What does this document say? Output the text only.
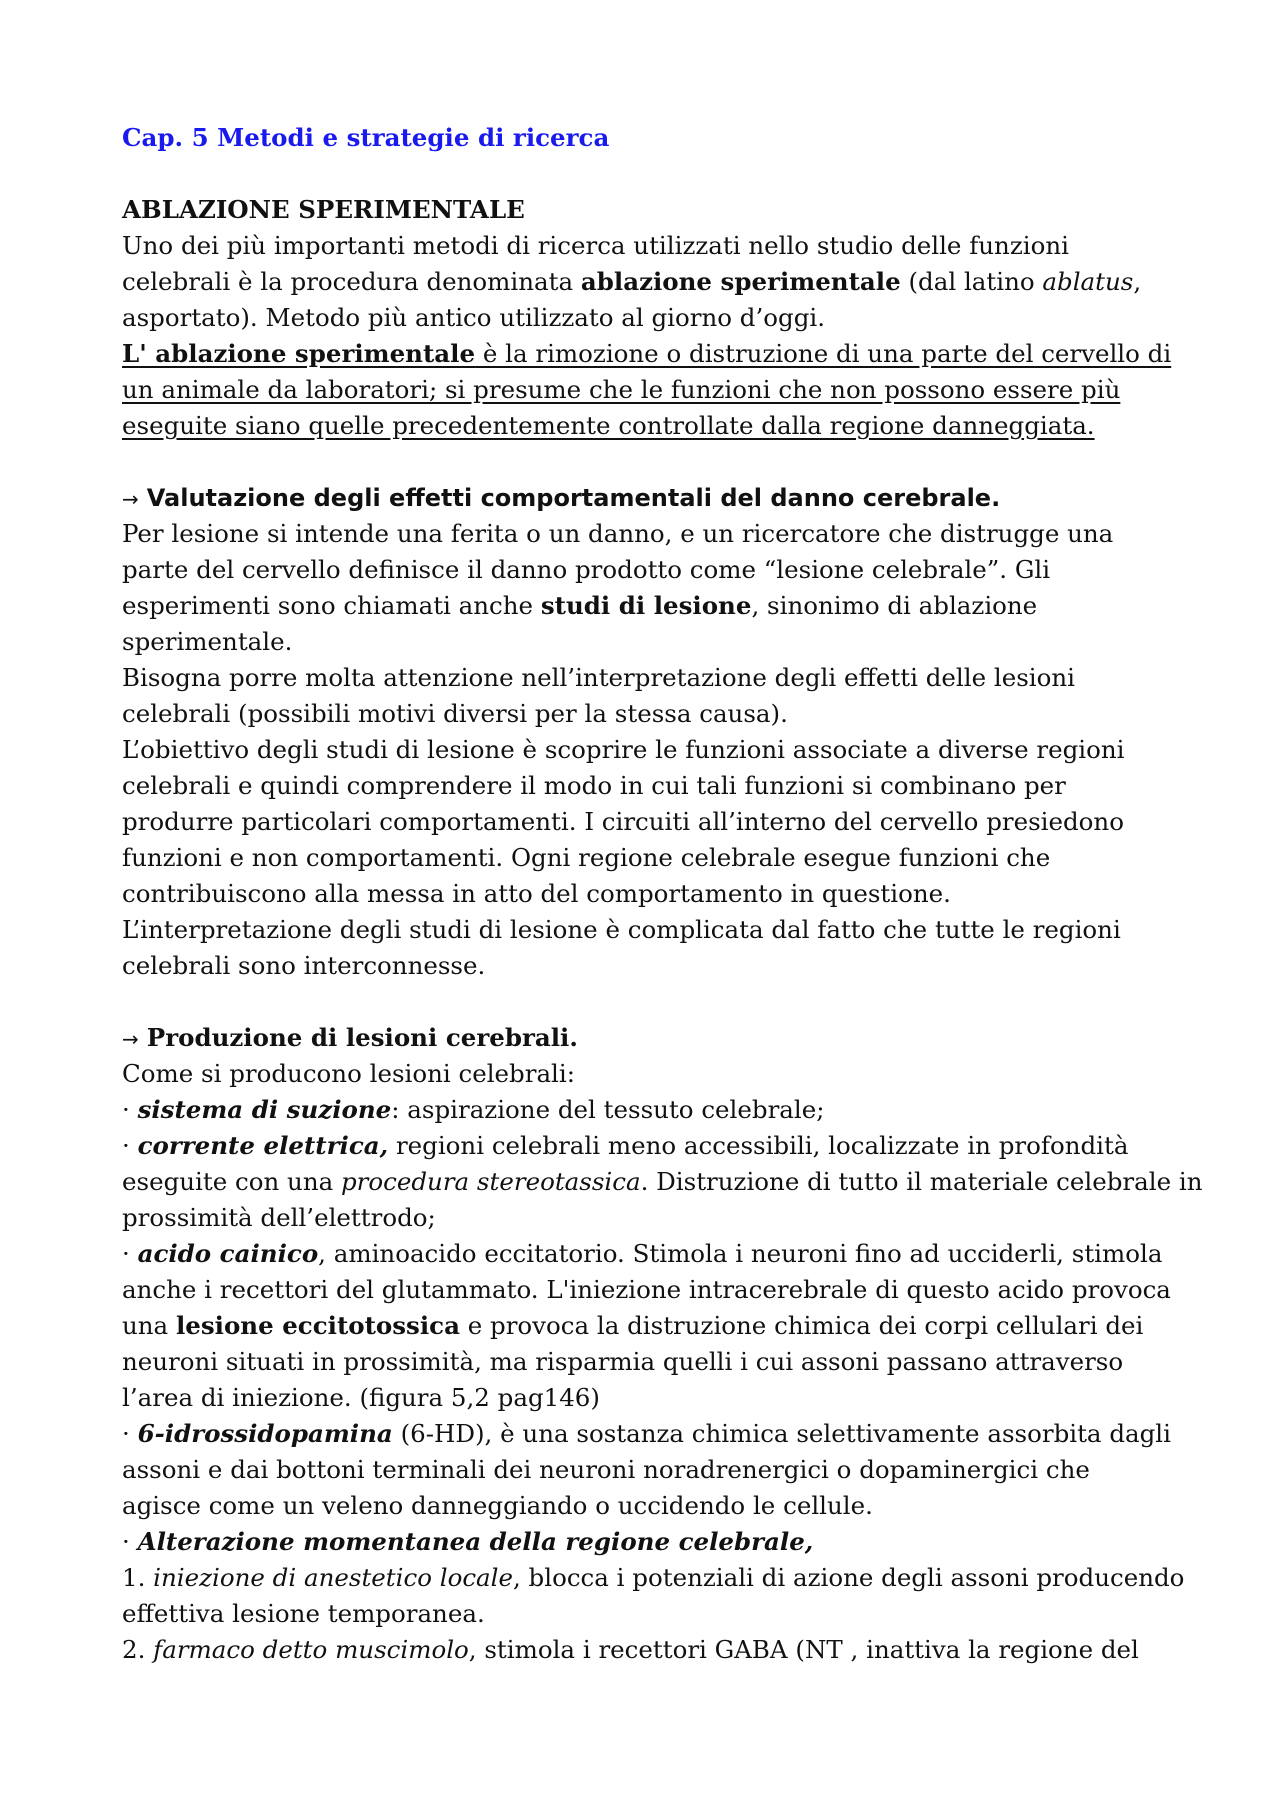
Cap. 5 Metodi e strategie di ricerca
ABLAZIONE SPERIMENTALE
Uno dei più importanti metodi di ricerca utilizzati nello studio delle funzioni
celebrali è la procedura denominata ablazione sperimentale (dal latino ablatus,
asportato). Metodo più antico utilizzato al giorno d’oggi.
L' ablazione sperimentale è la rimozione o distruzione di una parte del cervello di
un animale da laboratori; si presume che le funzioni che non possono essere più
eseguite siano quelle precedentemente controllate dalla regione danneggiata.
→ Valutazione degli effetti comportamentali del danno cerebrale.
Per lesione si intende una ferita o un danno, e un ricercatore che distrugge una
parte del cervello definisce il danno prodotto come “lesione celebrale”. Gli
esperimenti sono chiamati anche studi di lesione, sinonimo di ablazione
sperimentale.
Bisogna porre molta attenzione nell’interpretazione degli effetti delle lesioni
celebrali (possibili motivi diversi per la stessa causa).
L’obiettivo degli studi di lesione è scoprire le funzioni associate a diverse regioni
celebrali e quindi comprendere il modo in cui tali funzioni si combinano per
produrre particolari comportamenti. I circuiti all’interno del cervello presiedono
funzioni e non comportamenti. Ogni regione celebrale esegue funzioni che
contribuiscono alla messa in atto del comportamento in questione.
L’interpretazione degli studi di lesione è complicata dal fatto che tutte le regioni
celebrali sono interconnesse.
→ Produzione di lesioni cerebrali.
Come si producono lesioni celebrali:
· sistema di suzione: aspirazione del tessuto celebrale;
· corrente elettrica, regioni celebrali meno accessibili, localizzate in profondità
eseguite con una procedura stereotassica. Distruzione di tutto il materiale celebrale in
prossimità dell’elettrodo;
· acido cainico, aminoacido eccitatorio. Stimola i neuroni fino ad ucciderli, stimola
anche i recettori del glutammato. L'iniezione intracerebrale di questo acido provoca
una lesione eccitotossica e provoca la distruzione chimica dei corpi cellulari dei
neuroni situati in prossimità, ma risparmia quelli i cui assoni passano attraverso
l’area di iniezione. (figura 5,2 pag146)
· 6-idrossidopamina (6-HD), è una sostanza chimica selettivamente assorbita dagli
assoni e dai bottoni terminali dei neuroni noradrenergici o dopaminergici che
agisce come un veleno danneggiando o uccidendo le cellule.
· Alterazione momentanea della regione celebrale,
1. iniezione di anestetico locale, blocca i potenziali di azione degli assoni producendo
effettiva lesione temporanea.
2. farmaco detto muscimolo, stimola i recettori GABA (NT , inattiva la regione del
